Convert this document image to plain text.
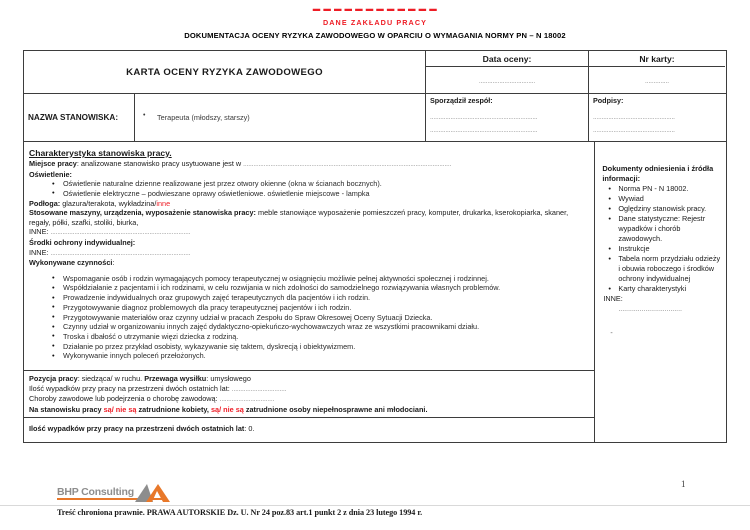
▬ ▬ ▬ ▬ ▬ ▬ ▬ ▬ ▬ ▬ ▬ ▬
DANE ZAKŁADU PRACY
DOKUMENTACJA OCENY RYZYKA ZAWODOWEGO W OPARCIU O WYMAGANIA NORMY PN – N 18002
KARTA OCENY RYZYKA ZAWODOWEGO
Data oceny:
.................................
Nr karty:
..............
NAZWA STANOWISKA:	• Terapeuta (młodszy, starszy)
Sporządził zespół:
...............................................................
...............................................................
Podpisy:
................................................
................................................
Charakterystyka stanowiska pracy.
Miejsce pracy: analizowane stanowisko pracy usytuowane jest w ..........................................................................................................................
Oświetlenie:
• Oświetlenie naturalne dzienne realizowane jest przez otwory okienne (okna w ścianach bocznych).
• Oświetlenie elektryczne – podwieszane oprawy oświetleniowe. oświetlenie miejscowe - lampka
Podłoga: glazura/terakota, wykładzina/inne
Stosowane maszyny, urządzenia, wyposażenie stanowiska pracy: meble stanowiące wyposażenie pomieszczeń pracy, komputer, drukarka, kserokopiarka, skaner, regały, półki, szafki, stoliki, biurka,
INNE: ..................................................................................
Środki ochrony indywidualnej:
INNE: ..................................................................................
Wykonywane czynności:
• Wspomaganie osób i rodzin wymagających pomocy terapeutycznej w osiągnięciu możliwie pełnej aktywności społecznej i rodzinnej.
• Współdziałanie z pacjentami i ich rodzinami, w celu rozwijania w nich zdolności do samodzielnego rozwiązywania własnych problemów.
• Prowadzenie indywidualnych oraz grupowych zajęć terapeutycznych dla pacjentów i ich rodzin.
• Przygotowywanie diagnoz problemowych dla pracy terapeutycznej pacjentów i ich rodzin.
• Przygotowywanie materiałów oraz czynny udział w pracach Zespołu do Spraw Okresowej Oceny Sytuacji Dziecka.
• Czynny udział w organizowaniu innych zajęć dydaktyczno-opiekuńczo-wychowawczych wraz ze wszystkimi pracownikami działu.
• Troska i dbałość o utrzymanie więzi dziecka z rodziną.
• Działanie po przez przykład osobisty, wykazywanie się taktem, dyskrecją i obiektywizmem.
• Wykonywanie innych poleceń przełożonych.
Pozycja pracy: siedząca/ w ruchu. Przewaga wysiłku: umysłowego
Ilość wypadków przy pracy na przestrzeni dwóch ostatnich lat: ................................
Choroby zawodowe lub podejrzenia o chorobę zawodową: ................................
Na stanowisku pracy są/ nie są zatrudnione kobiety, są/ nie są zatrudnione osoby niepełnosprawne ani młodociani.
Ilość wypadków przy pracy na przestrzeni dwóch ostatnich lat: 0.
Dokumenty odniesienia i źródła
informacji:
• Norma PN - N 18002.
• Wywiad
• Oględziny stanowisk pracy.
• Dane statystyczne: Rejestr wypadków i chorób zawodowych.
• Instrukcje
• Tabela norm przydziału odzieży i obuwia roboczego i środków ochrony indywidualnej
• Karty charakterystyki
INNE:
• .................................
-
1
BHP Consulting
Treść chroniona prawnie. PRAWA AUTORSKIE Dz. U. Nr 24 poz.83 art.1 punkt 2 z dnia 23 lutego 1994 r.
